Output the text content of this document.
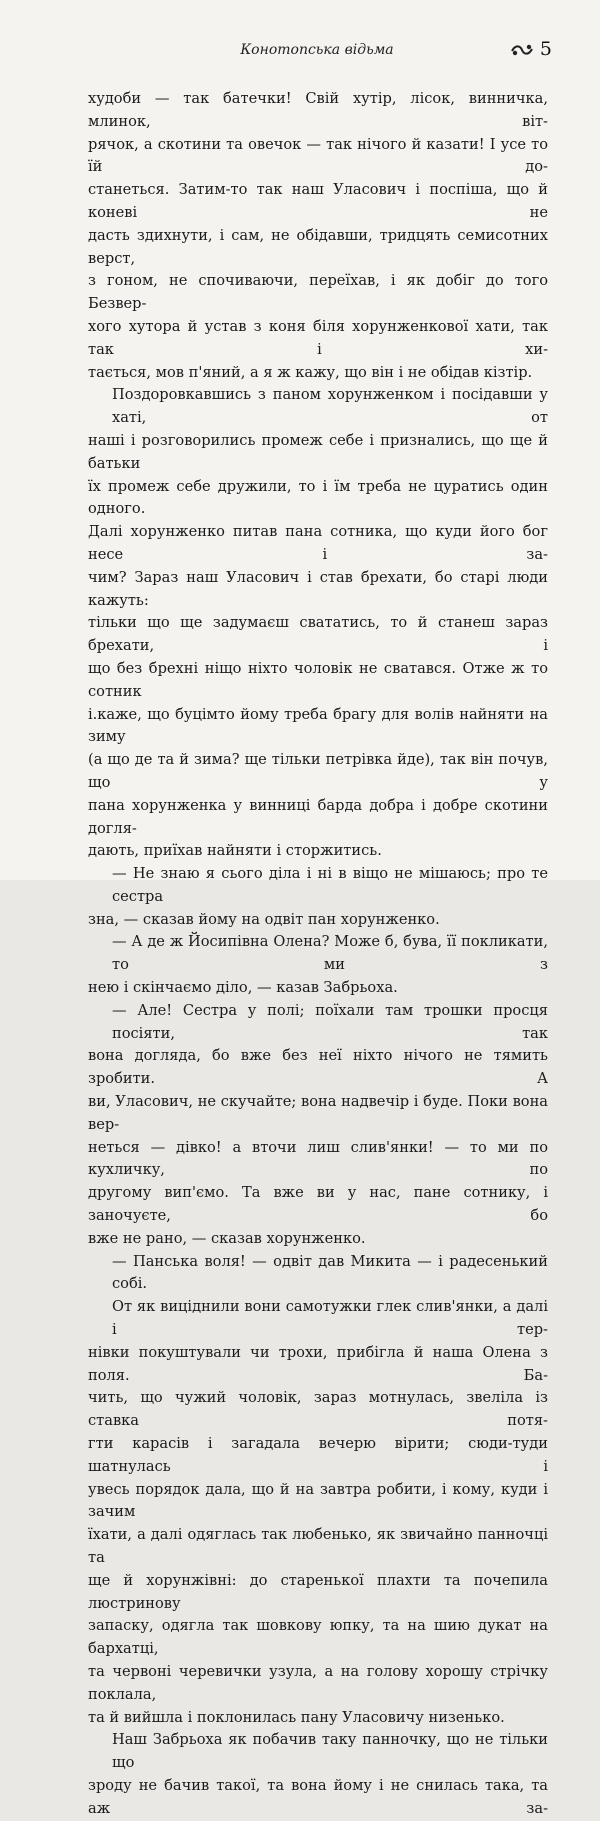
Конотопська відьма	5

худоби — так батечки! Свій хутір, лісок, винничка, млинок, віт-

рячок, а скотини та овечок — так нічого й казати! І усе то їй до-

станеться. Затим-то так наш Уласович і поспіша, що й коневі не

дасть здихнути, і сам, не обідавши, тридцять семисотних верст,

з гоном, не спочиваючи, переїхав, і як добіг до того Безвер-

хого хутора й устав з коня біля хорунженкової хати, так так і хи-

тається, мов п'яний, а я ж кажу, що він і не обідав кізтір.

Поздоровкавшись з паном хорунженком і посідавши у хаті, от

наші і розговорились промеж себе і признались, що ще й батьки

їх промеж себе дружили, то і їм треба не цуратись один одного.

Далі хорунженко питав пана сотника, що куди його бог несе і за-

чим? Зараз наш Уласович і став брехати, бо старі люди кажуть:

тільки що ще задумаєш свататись, то й станеш зараз брехати, і

що без брехні ніщо ніхто чоловік не сватався. Отже ж то сотник

і.каже, що буцімто йому треба брагу для волів найняти на зиму

(а що де та й зима? ще тільки петрівка йде), так він почув, що у

пана хорунженка у винниці барда добра і добре скотини догля-

дають, приїхав найняти і сторжитись.

— Не знаю я сього діла і ні в віщо не мішаюсь; про те сестра

зна, — сказав йому на одвіт пан хорунженко.

— А де ж Йосипівна Олена? Може б, бува, її покликати, то ми з

нею і скінчаємо діло, — казав Забрьоха.

— Але! Сестра у полі; поїхали там трошки просця посіяти, так

вона догляда, бо вже без неї ніхто нічого не тямить зробити. А

ви, Уласович, не скучайте; вона надвечір і буде. Поки вона вер-

неться — дівко! а вточи лиш слив'янки! — то ми по кухличку, по

другому вип'ємо. Та вже ви у нас, пане сотнику, і заночуєте, бо

вже не рано, — сказав хорунженко.

— Панська воля! — одвіт дав Микита — і радесенький собі.

От як виціднили вони самотужки глек слив'янки, а далі і тер-

нівки покуштували чи трохи, прибігла й наша Олена з поля. Ба-

чить, що чужий чоловік, зараз мотнулась, звеліла із ставка потя-

гти карасів і загадала вечерю вірити; сюди-туди шатнулась і

увесь порядок дала, що й на завтра робити, і кому, куди і зачим

їхати, а далі одяглась так любенько, як звичайно панночці та

ще й хорунжівні: до старенької плахти та почепила люстринову

запаску, одягла так шовкову юпку, та на шию дукат на бархатці,

та червоні черевички узула, а на голову хорошу стрічку поклала,

та й вийшла і поклонилась пану Уласовичу низенько.

Наш Забрьоха як побачив таку панночку, що не тільки що

зроду не бачив такої, та вона йому і не снилась така, та аж за-
